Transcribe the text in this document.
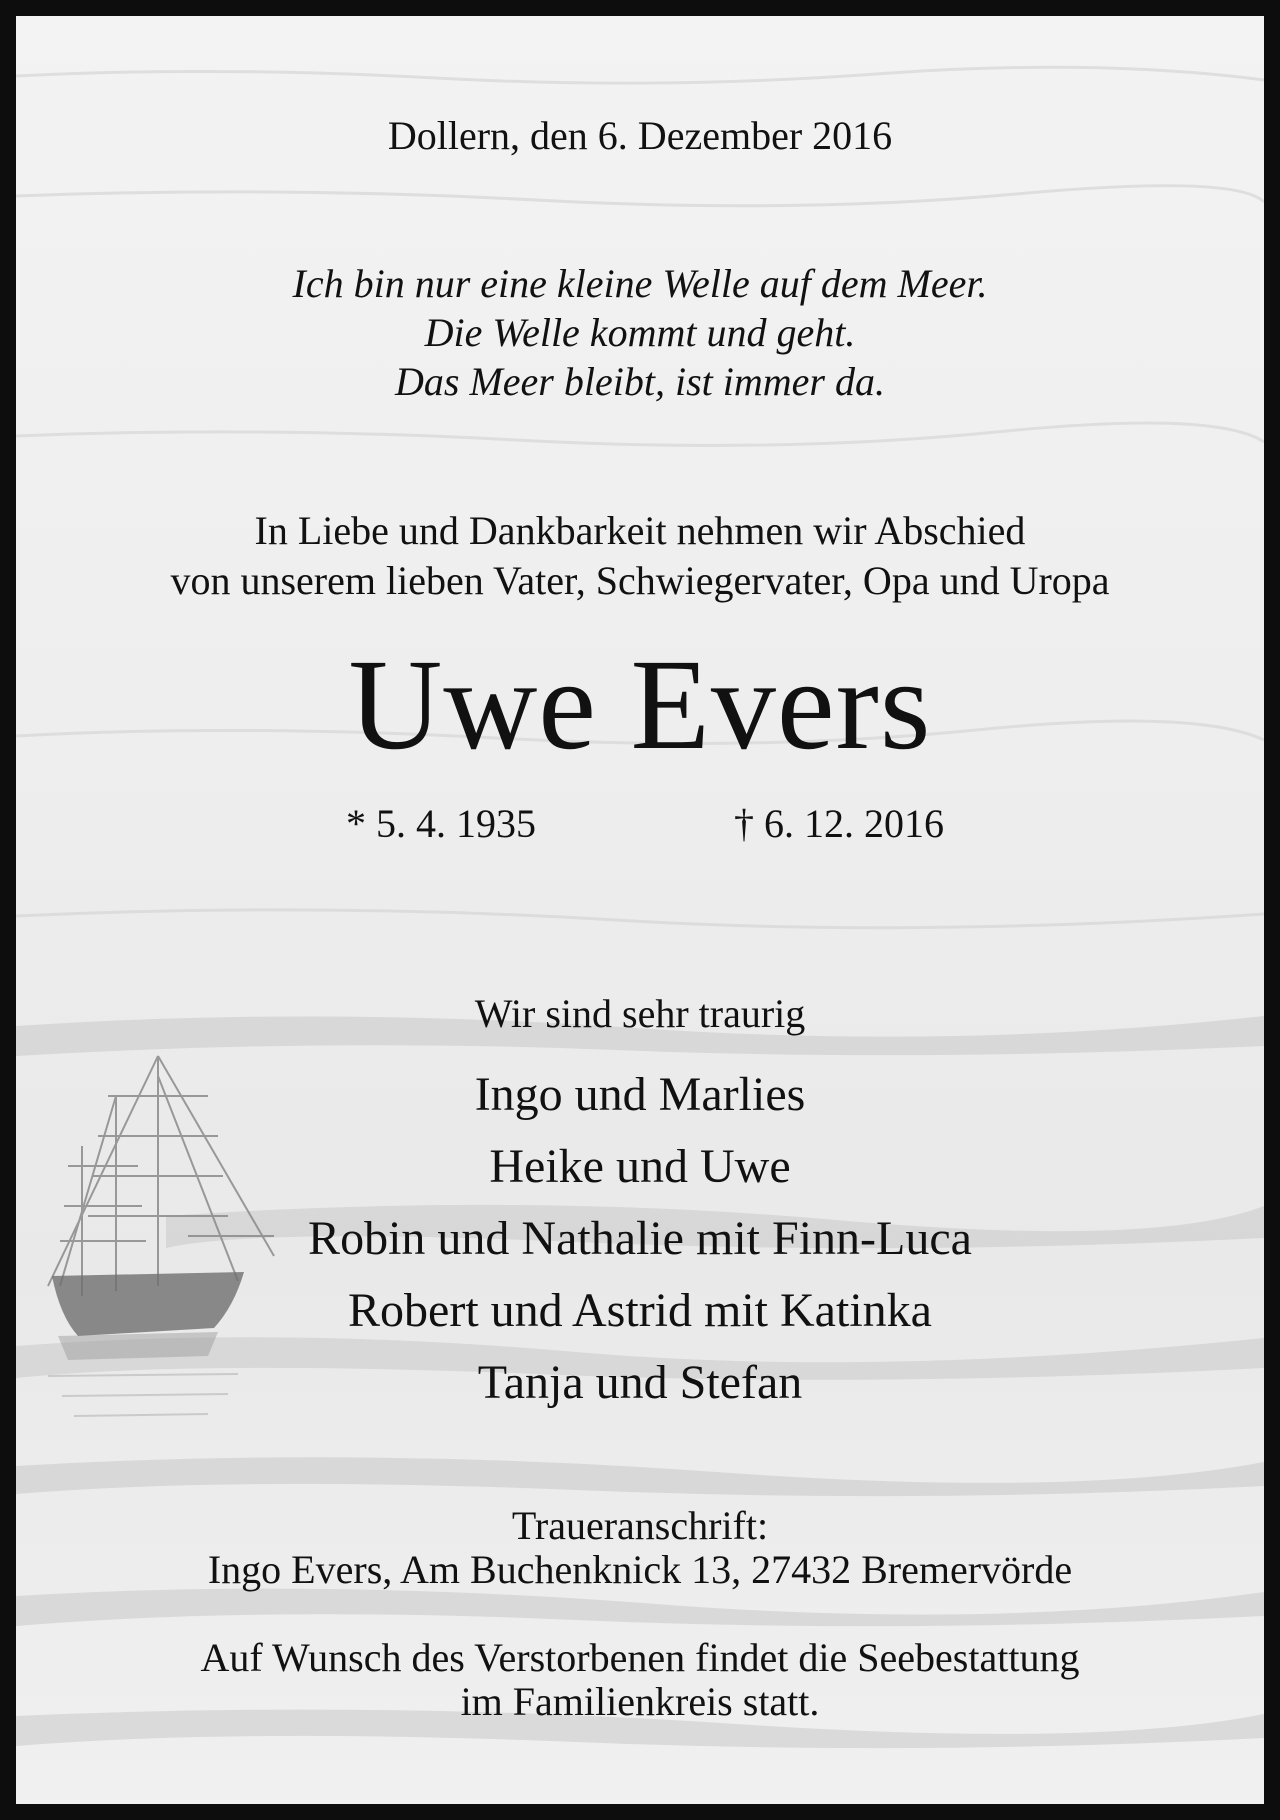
Dollern, den 6. Dezember 2016
Ich bin nur eine kleine Welle auf dem Meer.
Die Welle kommt und geht.
Das Meer bleibt, ist immer da.
In Liebe und Dankbarkeit nehmen wir Abschied
von unserem lieben Vater, Schwiegervater, Opa und Uropa
Uwe Evers
* 5. 4. 1935	† 6. 12. 2016
Wir sind sehr traurig
Ingo und Marlies
Heike und Uwe
Robin und Nathalie mit Finn-Luca
Robert und Astrid mit Katinka
Tanja und Stefan
Traueranschrift:
Ingo Evers, Am Buchenknick 13, 27432 Bremervörde
Auf Wunsch des Verstorbenen findet die Seebestattung
im Familienkreis statt.
